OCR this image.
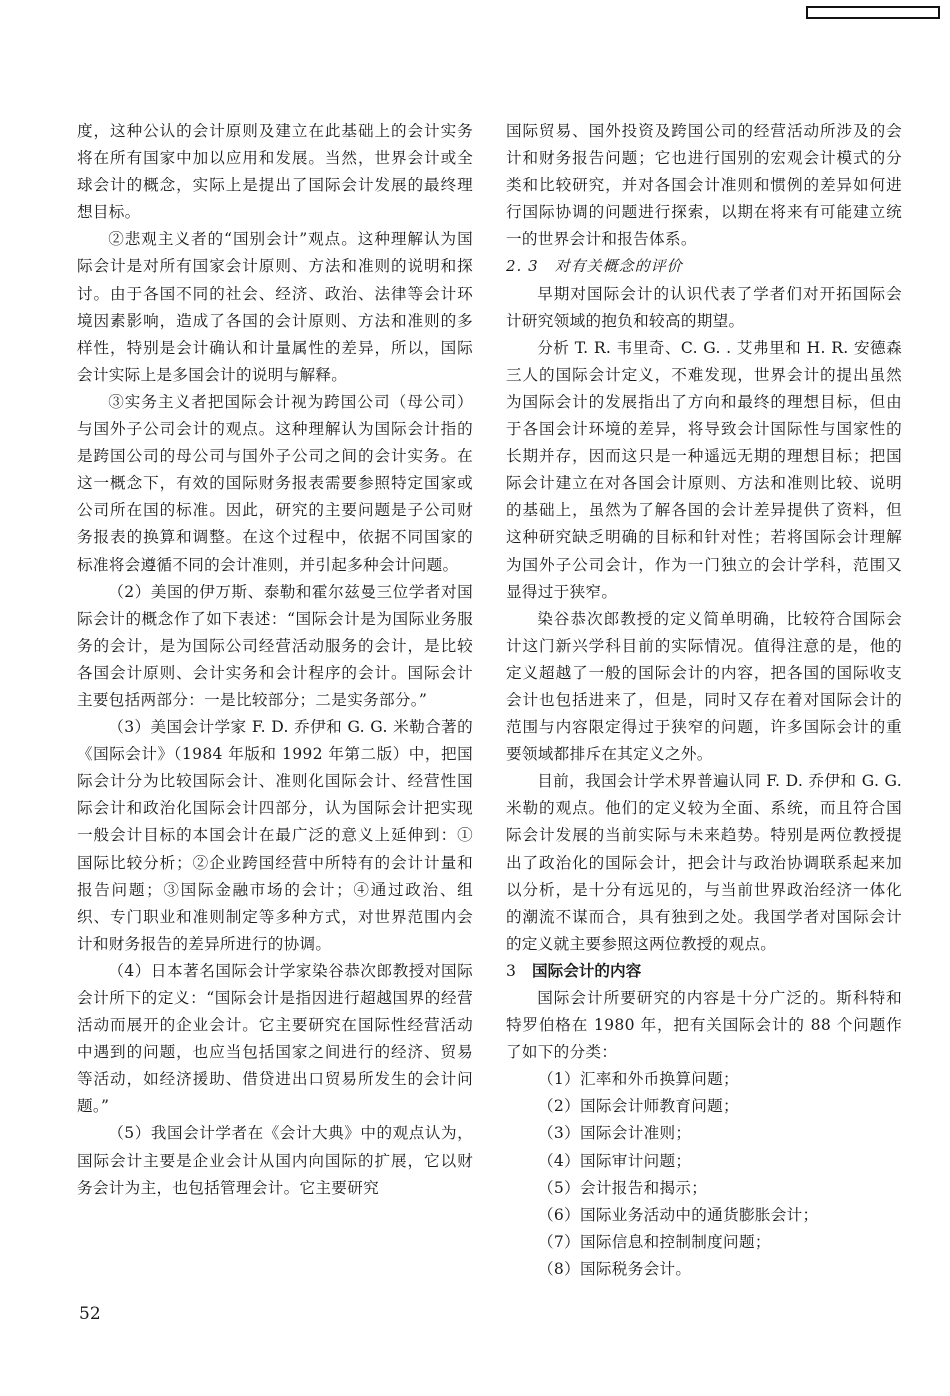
度，这种公认的会计原则及建立在此基础上的会计实务将在所有国家中加以应用和发展。当然，世界会计或全球会计的概念，实际上是提出了国际会计发展的最终理想目标。

②悲观主义者的“国别会计”观点。这种理解认为国际会计是对所有国家会计原则、方法和准则的说明和探讨。由于各国不同的社会、经济、政治、法律等会计环境因素影响，造成了各国的会计原则、方法和准则的多样性，特别是会计确认和计量属性的差异，所以，国际会计实际上是多国会计的说明与解释。

③实务主义者把国际会计视为跨国公司（母公司）与国外子公司会计的观点。这种理解认为国际会计指的是跨国公司的母公司与国外子公司之间的会计实务。在这一概念下，有效的国际财务报表需要参照特定国家或公司所在国的标准。因此，研究的主要问题是子公司财务报表的换算和调整。在这个过程中，依据不同国家的标准将会遵循不同的会计准则，并引起多种会计问题。

（2）美国的伊万斯、泰勒和霍尔兹曼三位学者对国际会计的概念作了如下表述：“国际会计是为国际业务服务的会计，是为国际公司经营活动服务的会计，是比较各国会计原则、会计实务和会计程序的会计。国际会计主要包括两部分：一是比较部分；二是实务部分。”

（3）美国会计学家 F. D. 乔伊和 G. G. 米勒合著的《国际会计》（1984 年版和 1992 年第二版）中，把国际会计分为比较国际会计、准则化国际会计、经营性国际会计和政治化国际会计四部分，认为国际会计把实现一般会计目标的本国会计在最广泛的意义上延伸到：①国际比较分析；②企业跨国经营中所特有的会计计量和报告问题；③国际金融市场的会计；④通过政治、组织、专门职业和准则制定等多种方式，对世界范围内会计和财务报告的差异所进行的协调。

（4）日本著名国际会计学家染谷恭次郎教授对国际会计所下的定义：“国际会计是指因进行超越国界的经营活动而展开的企业会计。它主要研究在国际性经营活动中遇到的问题，也应当包括国家之间进行的经济、贸易等活动，如经济援助、借贷进出口贸易所发生的会计问题。”

（5）我国会计学者在《会计大典》中的观点认为，国际会计主要是企业会计从国内向国际的扩展，它以财务会计为主，也包括管理会计。它主要研究

国际贸易、国外投资及跨国公司的经营活动所涉及的会计和财务报告问题；它也进行国别的宏观会计模式的分类和比较研究，并对各国会计准则和惯例的差异如何进行国际协调的问题进行探索，以期在将来有可能建立统一的世界会计和报告体系。

2. 3　对有关概念的评价

早期对国际会计的认识代表了学者们对开拓国际会计研究领域的抱负和较高的期望。

分析 T. R. 韦里奇、C. G. . 艾弗里和 H. R. 安德森三人的国际会计定义，不难发现，世界会计的提出虽然为国际会计的发展指出了方向和最终的理想目标，但由于各国会计环境的差异，将导致会计国际性与国家性的长期并存，因而这只是一种遥远无期的理想目标；把国际会计建立在对各国会计原则、方法和准则比较、说明的基础上，虽然为了解各国的会计差异提供了资料，但这种研究缺乏明确的目标和针对性；若将国际会计理解为国外子公司会计，作为一门独立的会计学科，范围又显得过于狭窄。

染谷恭次郎教授的定义简单明确，比较符合国际会计这门新兴学科目前的实际情况。值得注意的是，他的定义超越了一般的国际会计的内容，把各国的国际收支会计也包括进来了，但是，同时又存在着对国际会计的范围与内容限定得过于狭窄的问题，许多国际会计的重要领域都排斥在其定义之外。

目前，我国会计学术界普遍认同 F. D. 乔伊和 G. G. 米勒的观点。他们的定义较为全面、系统，而且符合国际会计发展的当前实际与未来趋势。特别是两位教授提出了政治化的国际会计，把会计与政治协调联系起来加以分析，是十分有远见的，与当前世界政治经济一体化的潮流不谋而合，具有独到之处。我国学者对国际会计的定义就主要参照这两位教授的观点。

3 国际会计的内容

国际会计所要研究的内容是十分广泛的。斯科特和特罗伯格在 1980 年，把有关国际会计的 88 个问题作了如下的分类：

（1）汇率和外币换算问题；
（2）国际会计师教育问题；
（3）国际会计准则；
（4）国际审计问题；
（5）会计报告和揭示；
（6）国际业务活动中的通货膨胀会计；
（7）国际信息和控制制度问题；
（8）国际税务会计。
52
